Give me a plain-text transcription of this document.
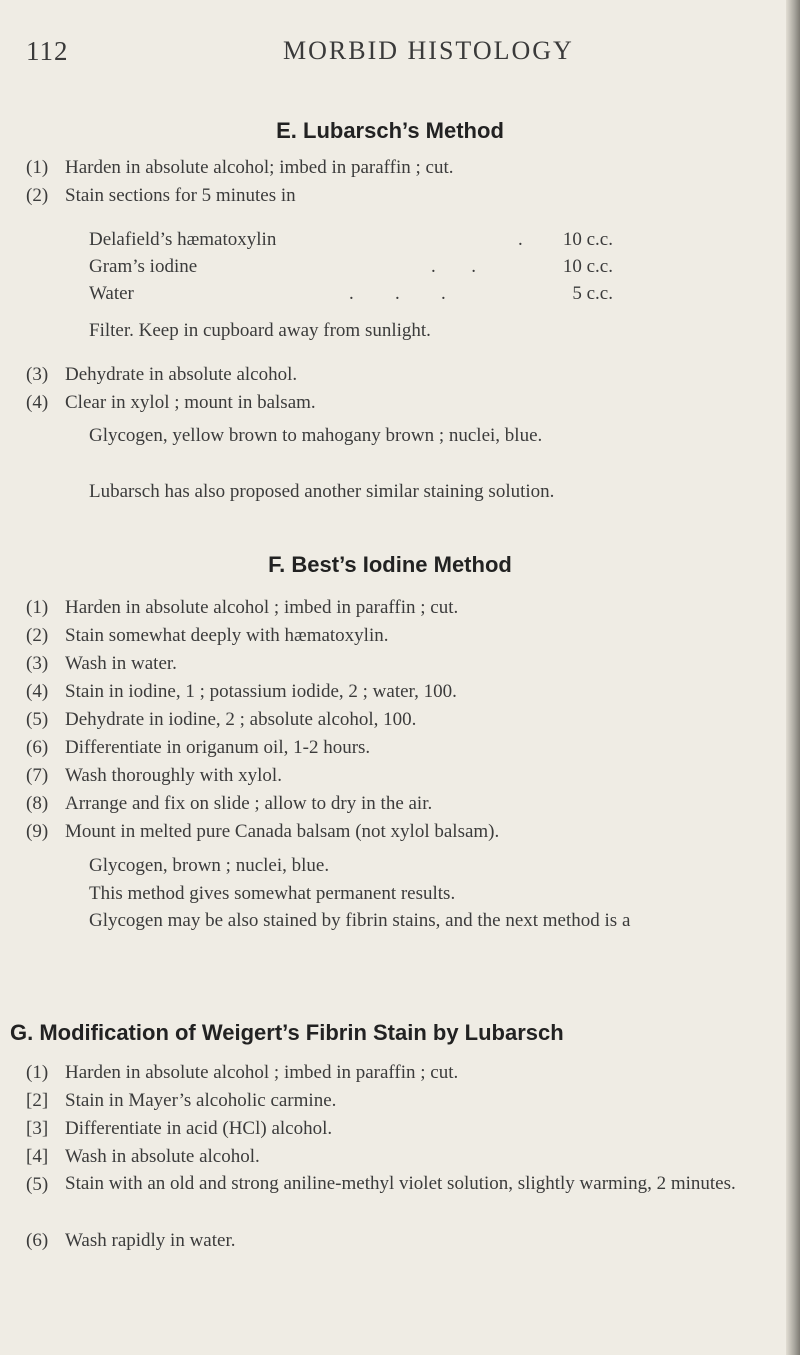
112	MORBID HISTOLOGY
E. Lubarsch’s Method
(1) Harden in absolute alcohol; imbed in paraffin ; cut.
(2) Stain sections for 5 minutes in
Delafield’s hæmatoxylin	. 10 c.c.
Gram’s iodine	.      .	10 c.c.
Water	.       .       .	5 c.c.
Filter. Keep in cupboard away from sunlight.
(3) Dehydrate in absolute alcohol.
(4) Clear in xylol ; mount in balsam.
Glycogen, yellow brown to mahogany brown ; nuclei, blue.
Lubarsch has also proposed another similar staining solution.
F. Best’s Iodine Method
(1) Harden in absolute alcohol ; imbed in paraffin ; cut.
(2) Stain somewhat deeply with hæmatoxylin.
(3) Wash in water.
(4) Stain in iodine, 1 ; potassium iodide, 2 ; water, 100.
(5) Dehydrate in iodine, 2 ; absolute alcohol, 100.
(6) Differentiate in origanum oil, 1-2 hours.
(7) Wash thoroughly with xylol.
(8) Arrange and fix on slide ; allow to dry in the air.
(9) Mount in melted pure Canada balsam (not xylol balsam).
Glycogen, brown ; nuclei, blue.
This method gives somewhat permanent results.
Glycogen may be also stained by fibrin stains, and the next method is a
G. Modification of Weigert’s Fibrin Stain by Lubarsch
(1) Harden in absolute alcohol ; imbed in paraffin ; cut.
[2] Stain in Mayer’s alcoholic carmine.
[3] Differentiate in acid (HCl) alcohol.
[4] Wash in absolute alcohol.
(5) Stain with an old and strong aniline-methyl violet solution, slightly warming, 2 minutes.
(6) Wash rapidly in water.
